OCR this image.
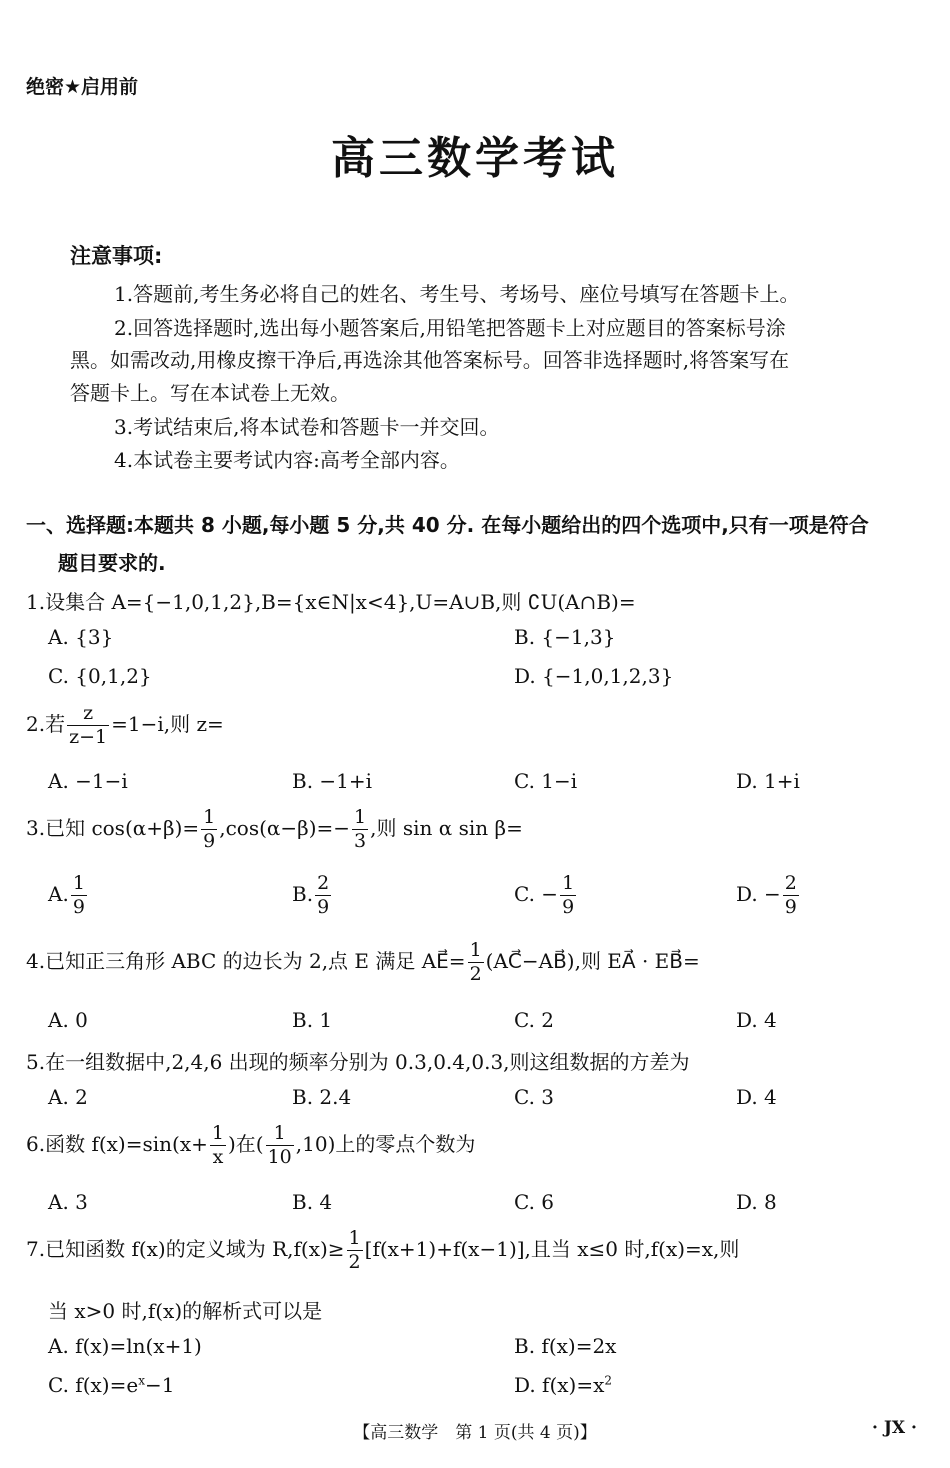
绝密★启用前
高三数学考试
注意事项:
1.答题前,考生务必将自己的姓名、考生号、考场号、座位号填写在答题卡上。
2.回答选择题时,选出每小题答案后,用铅笔把答题卡上对应题目的答案标号涂
黑。如需改动,用橡皮擦干净后,再选涂其他答案标号。回答非选择题时,将答案写在
答题卡上。写在本试卷上无效。
3.考试结束后,将本试卷和答题卡一并交回。
4.本试卷主要考试内容:高考全部内容。
一、选择题:本题共 8 小题,每小题 5 分,共 40 分. 在每小题给出的四个选项中,只有一项是符合
题目要求的.
1.设集合 A={−1,0,1,2},B={x∈N|x<4},U=A∪B,则 ∁U(A∩B)=
A. {3}	B. {−1,3}
C. {0,1,2}	D. {−1,0,1,2,3}
2.若 $\frac{z}{z-1} =1-i$,则 z=
A. −1−i	B. −1+i	C. 1−i	D. 1+i
3.已知 $\cos(\alpha+\beta)= \frac{1}{9} ,\cos(\alpha-\beta)=- \frac{1}{3}$ ,则 sin α sin β=
A. $\frac{1}{9}$	B. $\frac{2}{9}$	C. − $\frac{1}{9}$	D. − $\frac{2}{9}$
4.已知正三角形 ABC 的边长为 2,点 E 满足 AE⃗= $\frac{1}{2}$ (AC⃗−AB⃗),则 EA⃗ · EB⃗=
A. 0	B. 1	C. 2	D. 4
5.在一组数据中,2,4,6 出现的频率分别为 0.3,0.4,0.3,则这组数据的方差为
A. 2	B. 2.4	C. 3	D. 4
6.函数 $f(x)=\sin(x+ \frac{1}{x}$ )在( $\frac{1}{10} ,10$)上的零点个数为
A. 3	B. 4	C. 6	D. 8
7.已知函数 f(x)的定义域为 $R,f(x)\ge \frac{1}{2} [f(x+1)+f(x-1)]$,且当 x≤0 时,f(x)=x,则
当 x>0 时,f(x)的解析式可以是
A. f(x)=ln(x+1)	B. f(x)=2x
C. $f(x)=e^x-1$	D. $f(x)=x^2$
【高三数学　第 1 页(共 4 页)】	· JX ·
